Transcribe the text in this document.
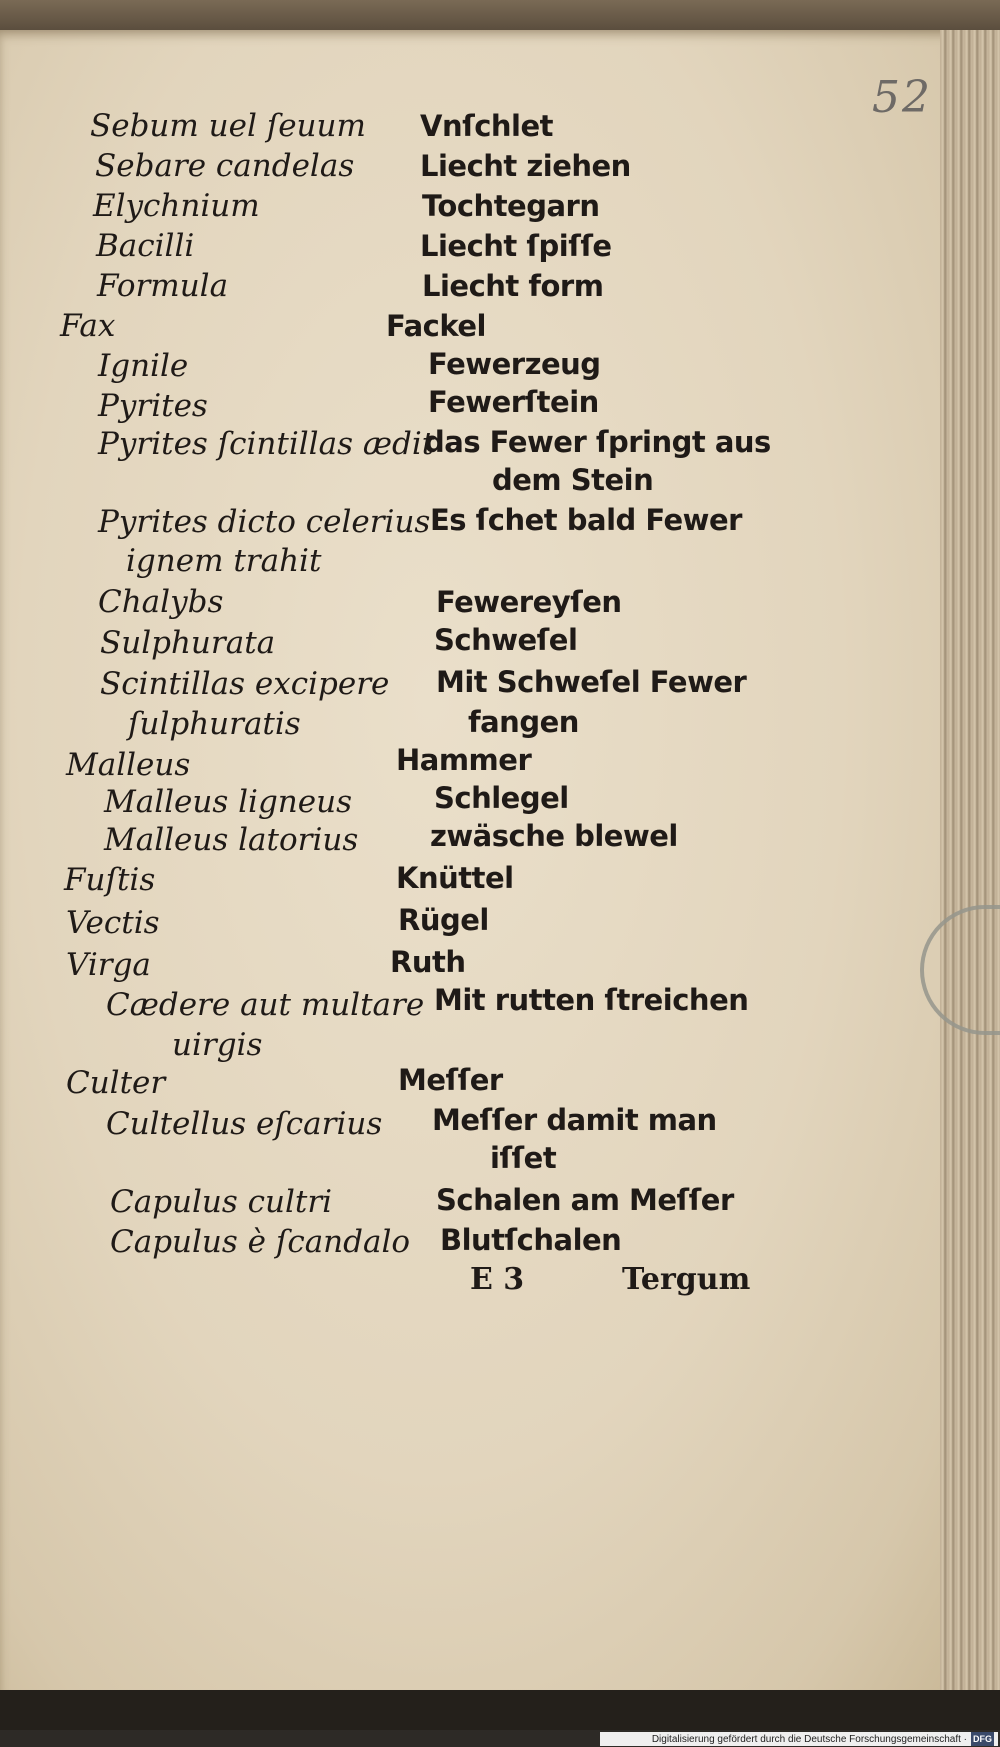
52
Sebum uel ſeuum
Sebare candelas
Elychnium
Bacilli
Formula
Fax
Ignile
Pyrites
Pyrites ſcintillas ædit
Pyrites dicto celerius
ignem trahit
Chalybs
Sulphurata
Scintillas excipere
ſulphuratis
Malleus
Malleus ligneus
Malleus latorius
Fuſtis
Vectis
Virga
Cædere aut multare
uirgis
Culter
Cultellus eſcarius
Capulus cultri
Capulus è ſcandalo
Vnſchlet
Liecht ziehen
Tochtegarn
Liecht ſpiſſe
Liecht form
Fackel
Fewerzeug
Fewerſtein
das Fewer ſpringt aus
dem Stein
Es ſchet bald Fewer
Fewereyſen
Schweſel
Mit Schweſel Fewer
fangen
Hammer
Schlegel
zwäsche blewel
Knüttel
Rügel
Ruth
Mit rutten ſtreichen
Meſſer
Meſſer damit man
iſſet
Schalen am Meſſer
Blutſchalen
E 3	Tergum
Digitalisierung gefördert durch die Deutsche Forschungsgemeinschaft · DFG
